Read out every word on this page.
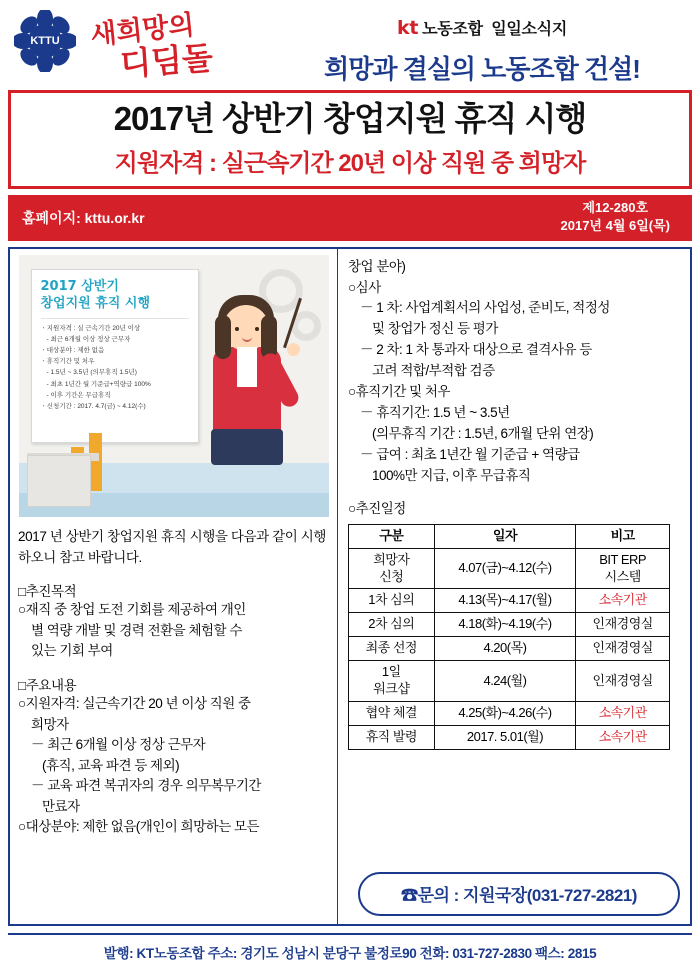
KTTU	새희망의
디딤돌
kt 노동조합 일일소식지
희망과 결실의 노동조합 건설!
2017년 상반기 창업지원 휴직 시행
지원자격 : 실근속기간 20년 이상 직원 중 희망자
홈페이지: kttu.or.kr
제12-280호
2017년 4월 6일(목)
2017 상반기
창업지원 휴직 시행
ㆍ지원자격 : 실 근속기간 20년 이상
- 최근 6개월 이상 정상 근무자
ㆍ대상분야 : 제한 없음
ㆍ휴직기간 및 처우
- 1.5년 ~ 3.5년 (의무휴직 1.5년)
- 최초 1년간 월 기준급+역량급 100%
- 이후 기간은 무급휴직
ㆍ신청기간 : 2017. 4.7(금) ~ 4.12(수)
2017 년 상반기 창업지원 휴직 시행을 다음과 같이 시행하오니 참고 바랍니다.
□추진목적
○재직 중 창업 도전 기회를 제공하여 개인
별 역량 개발 및 경력 전환을 체험할 수
있는 기회 부여
□주요내용
○지원자격: 실근속기간 20 년 이상 직원 중
희망자
－ 최근 6개월 이상 정상 근무자
(휴직, 교육 파견 등 제외)
－ 교육 파견 복귀자의 경우 의무복무기간
만료자
○대상분야: 제한 없음(개인이 희망하는 모든
창업 분야)
○심사
－ 1 차: 사업계획서의 사업성, 준비도, 적정성
및 창업가 정신 등 평가
－ 2 차: 1 차 통과자 대상으로 결격사유 등
고려 적합/부적합 검증
○휴직기간 및 처우
－ 휴직기간: 1.5 년 ~ 3.5년
(의무휴직 기간 : 1.5년, 6개월 단위 연장)
－ 급여 : 최초 1년간 월 기준급 + 역량급
100%만 지급, 이후 무급휴직
○추진일정
구분	일자	비고
희망자
신청	4.07(금)~4.12(수)	BIT ERP
시스템
1차 심의	4.13(목)~4.17(월)	소속기관
2차 심의	4.18(화)~4.19(수)	인재경영실
최종 선정	4.20(목)	인재경영실
1일
워크샵	4.24(월)	인재경영실
협약 체결	4.25(화)~4.26(수)	소속기관
휴직 발령	2017. 5.01(월)	소속기관
☎문의 : 지원국장(031-727-2821)
발행: KT노동조합 주소: 경기도 성남시 분당구 불정로90 전화: 031-727-2830 팩스: 2815
